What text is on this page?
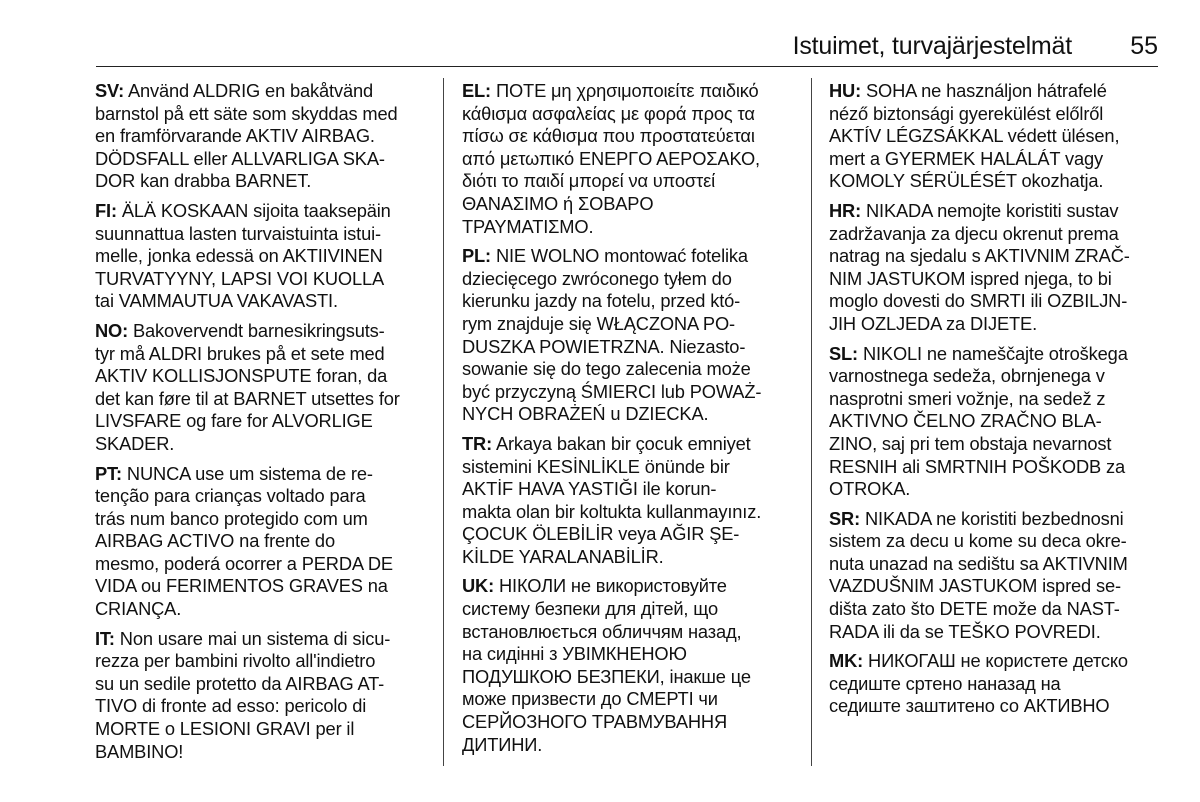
Istuimet, turvajärjestelmät 55
SV: Använd ALDRIG en bakåtvänd
barnstol på ett säte som skyddas med
en framförvarande AKTIV AIRBAG.
DÖDSFALL eller ALLVARLIGA SKA-
DOR kan drabba BARNET.
FI: ÄLÄ KOSKAAN sijoita taaksepäin
suunnattua lasten turvaistuinta istui-
melle, jonka edessä on AKTIIVINEN
TURVATYYNY, LAPSI VOI KUOLLA
tai VAMMAUTUA VAKAVASTI.
NO: Bakovervendt barnesikringsuts-
tyr må ALDRI brukes på et sete med
AKTIV KOLLISJONSPUTE foran, da
det kan føre til at BARNET utsettes for
LIVSFARE og fare for ALVORLIGE
SKADER.
PT: NUNCA use um sistema de re-
tenção para crianças voltado para
trás num banco protegido com um
AIRBAG ACTIVO na frente do
mesmo, poderá ocorrer a PERDA DE
VIDA ou FERIMENTOS GRAVES na
CRIANÇA.
IT: Non usare mai un sistema di sicu-
rezza per bambini rivolto all'indietro
su un sedile protetto da AIRBAG AT-
TIVO di fronte ad esso: pericolo di
MORTE o LESIONI GRAVI per il
BAMBINO!
EL: ΠΟΤΕ μη χρησιμοποιείτε παιδικό
κάθισμα ασφαλείας με φορά προς τα
πίσω σε κάθισμα που προστατεύεται
από μετωπικό ΕΝΕΡΓΟ ΑΕΡΟΣΑΚΟ,
διότι το παιδί μπορεί να υποστεί
ΘΑΝΑΣΙΜΟ ή ΣΟΒΑΡΟ
ΤΡΑΥΜΑΤΙΣΜΟ.
PL: NIE WOLNO montować fotelika
dziecięcego zwróconego tyłem do
kierunku jazdy na fotelu, przed któ-
rym znajduje się WŁĄCZONA PO-
DUSZKA POWIETRZNA. Niezasto-
sowanie się do tego zalecenia może
być przyczyną ŚMIERCI lub POWAŻ-
NYCH OBRAŻEŃ u DZIECKA.
TR: Arkaya bakan bir çocuk emniyet
sistemini KESİNLİKLE önünde bir
AKTİF HAVA YASTIĞI ile korun-
makta olan bir koltukta kullanmayınız.
ÇOCUK ÖLEBİLİR veya AĞIR ŞE-
KİLDE YARALANABİLİR.
UK: НІКОЛИ не використовуйте
систему безпеки для дітей, що
встановлюється обличчям назад,
на сидінні з УВІМКНЕНОЮ
ПОДУШКОЮ БЕЗПЕКИ, інакше це
може призвести до СМЕРТІ чи
СЕРЙОЗНОГО ТРАВМУВАННЯ
ДИТИНИ.
HU: SOHA ne használjon hátrafelé
néző biztonsági gyerekülést előlről
AKTÍV LÉGZSÁKKAL védett ülésen,
mert a GYERMEK HALÁLÁT vagy
KOMOLY SÉRÜLÉSÉT okozhatja.
HR: NIKADA nemojte koristiti sustav
zadržavanja za djecu okrenut prema
natrag na sjedalu s AKTIVNIM ZRAČ-
NIM JASTUKOM ispred njega, to bi
moglo dovesti do SMRTI ili OZBILJN-
JIH OZLJEDA za DIJETE.
SL: NIKOLI ne nameščajte otroškega
varnostnega sedeža, obrnjenega v
nasprotni smeri vožnje, na sedež z
AKTIVNO ČELNO ZRAČNO BLA-
ZINO, saj pri tem obstaja nevarnost
RESNIH ali SMRTNIH POŠKODB za
OTROKA.
SR: NIKADA ne koristiti bezbednosni
sistem za decu u kome su deca okre-
nuta unazad na sedištu sa AKTIVNIM
VAZDUŠNIM JASTUKOM ispred se-
dišta zato što DETE može da NAST-
RADA ili da se TEŠKO POVREDI.
MK: НИКОГАШ не користете детско
седиште сртено наназад на
седиште заштитено со АКТИВНО
